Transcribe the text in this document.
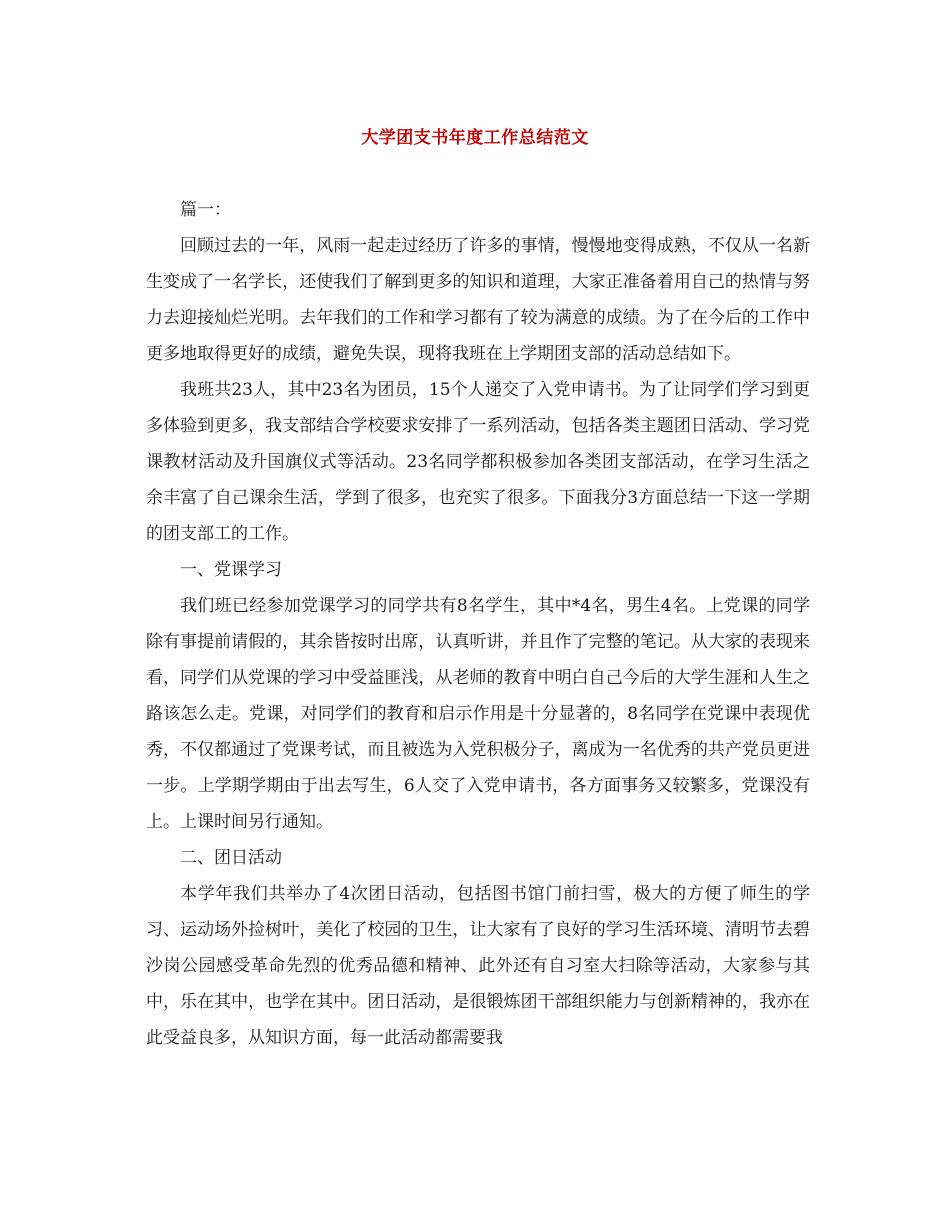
大学团支书年度工作总结范文

篇一：

回顾过去的一年，风雨一起走过经历了许多的事情，慢慢地变得成熟，不仅从一名新生变成了一名学长，还使我们了解到更多的知识和道理，大家正准备着用自己的热情与努力去迎接灿烂光明。去年我们的工作和学习都有了较为满意的成绩。为了在今后的工作中更多地取得更好的成绩，避免失误，现将我班在上学期团支部的活动总结如下。

我班共23人，其中23名为团员，15个人递交了入党申请书。为了让同学们学习到更多体验到更多，我支部结合学校要求安排了一系列活动，包括各类主题团日活动、学习党课教材活动及升国旗仪式等活动。23名同学都积极参加各类团支部活动，在学习生活之余丰富了自己课余生活，学到了很多，也充实了很多。下面我分3方面总结一下这一学期的团支部工的工作。

一、党课学习

我们班已经参加党课学习的同学共有8名学生，其中*4名，男生4名。上党课的同学除有事提前请假的，其余皆按时出席，认真听讲，并且作了完整的笔记。从大家的表现来看，同学们从党课的学习中受益匪浅，从老师的教育中明白自己今后的大学生涯和人生之路该怎么走。党课，对同学们的教育和启示作用是十分显著的，8名同学在党课中表现优秀，不仅都通过了党课考试，而且被选为入党积极分子，离成为一名优秀的共产党员更进一步。上学期学期由于出去写生，6人交了入党申请书，各方面事务又较繁多，党课没有上。上课时间另行通知。

二、团日活动

本学年我们共举办了4次团日活动，包括图书馆门前扫雪，极大的方便了师生的学习、运动场外捡树叶，美化了校园的卫生，让大家有了良好的学习生活环境、清明节去碧沙岗公园感受革命先烈的优秀品德和精神、此外还有自习室大扫除等活动，大家参与其中，乐在其中，也学在其中。团日活动，是很锻炼团干部组织能力与创新精神的，我亦在此受益良多，从知识方面，每一此活动都需要我
